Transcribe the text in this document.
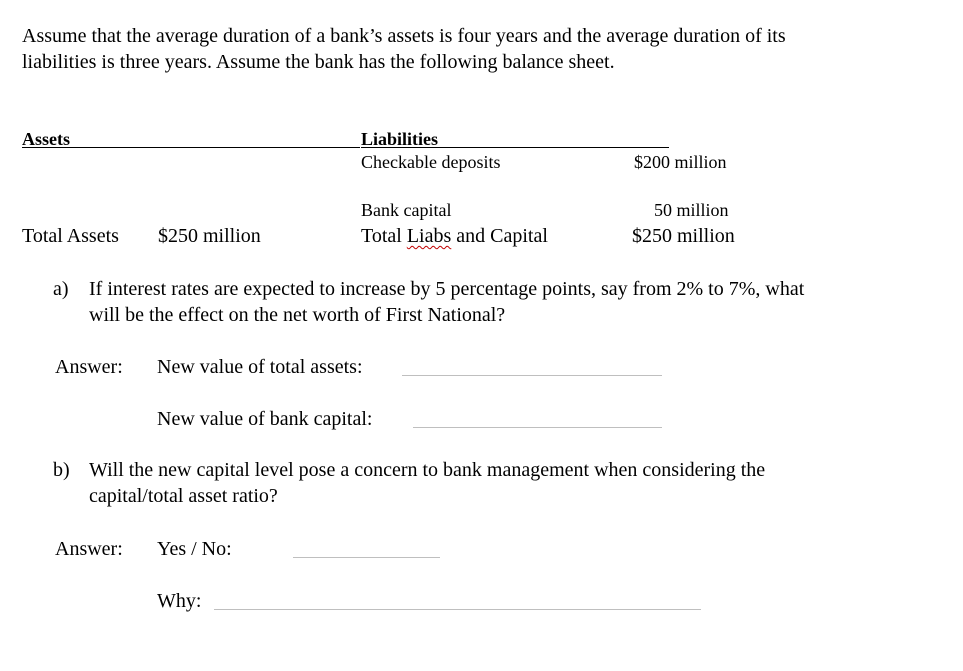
Assume that the average duration of a bank’s assets is four years and the average duration of its
liabilities is three years. Assume the bank has the following balance sheet.
Assets	Liabilities
Checkable deposits	$200 million
Bank capital	50 million
Total Assets $250 million	Total Liabs and Capital	$250 million
a) If interest rates are expected to increase by 5 percentage points, say from 2% to 7%, what
will be the effect on the net worth of First National?
Answer: New value of total assets:
New value of bank capital:
b) Will the new capital level pose a concern to bank management when considering the
capital/total asset ratio?
Answer: Yes / No:
Why:
